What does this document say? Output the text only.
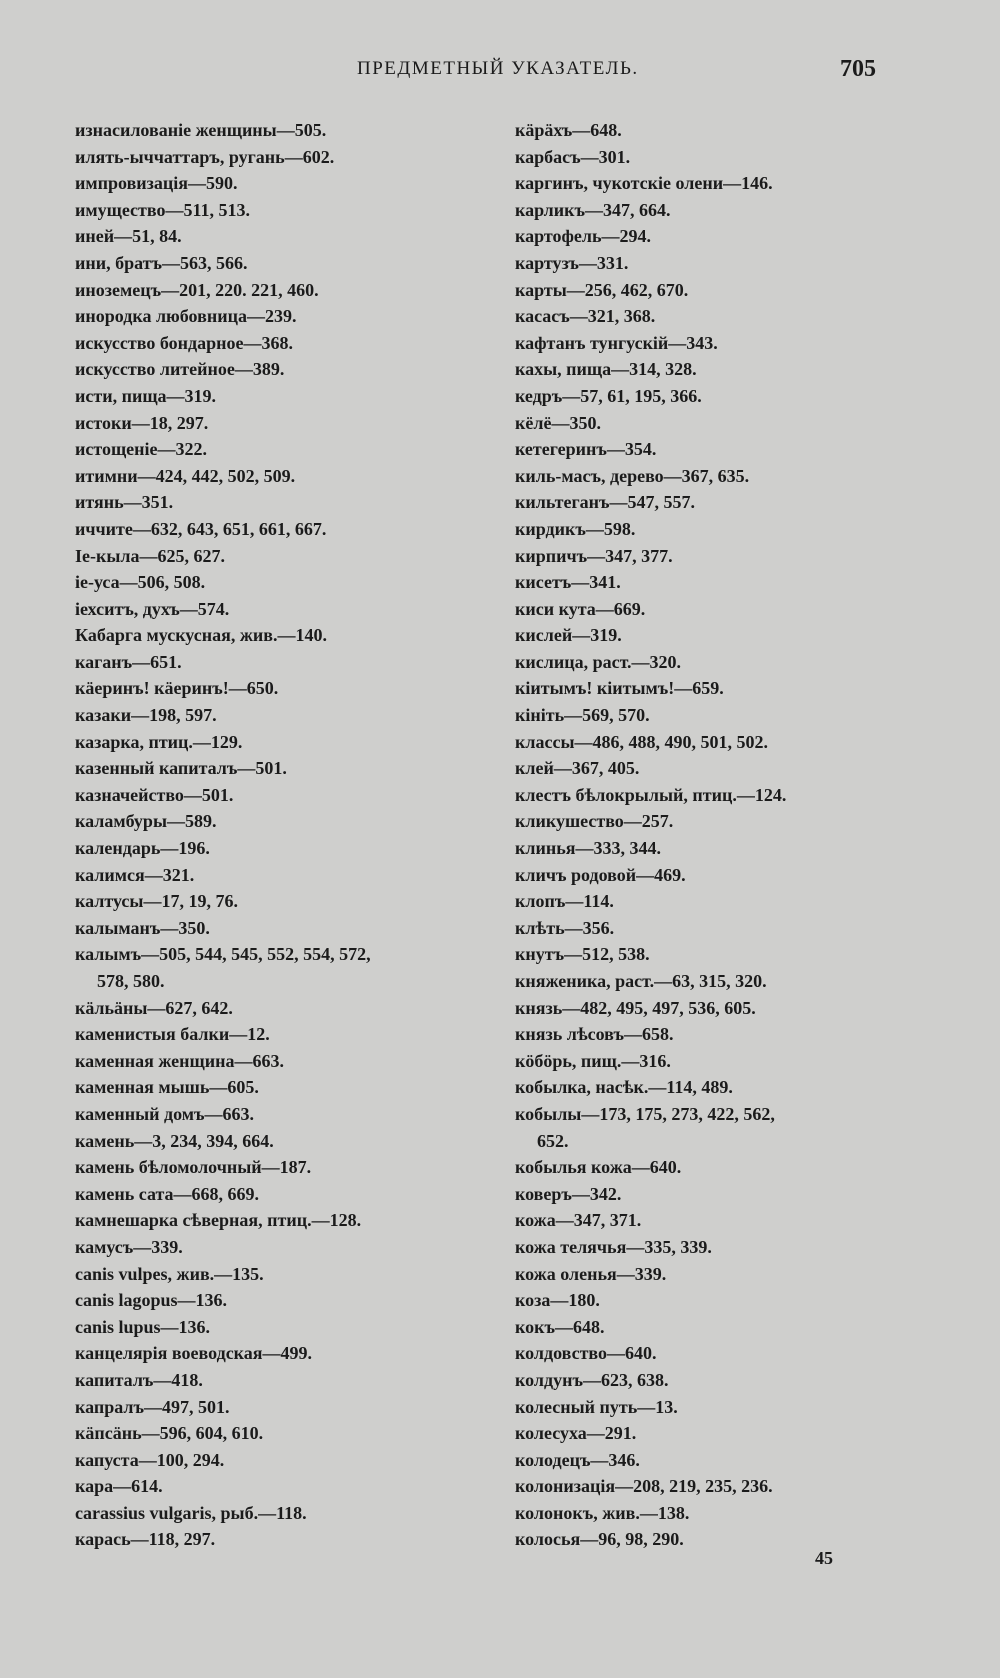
ПРЕДМЕТНЫЙ УКАЗАТЕЛЬ.	705
изнасилованіе женщины—505.
илять-ыччаттаръ, ругань—602.
импровизація—590.
имущество—511, 513.
иней—51, 84.
ини, братъ—563, 566.
иноземецъ—201, 220. 221, 460.
инородка любовница—239.
искусство бондарное—368.
искусство литейное—389.
исти, пища—319.
истоки—18, 297.
истощеніе—322.
итимни—424, 442, 502, 509.
итянь—351.
иччите—632, 643, 651, 661, 667.
Іе-кыла—625, 627.
іе-уса—506, 508.
іехситъ, духъ—574.
Кабарга мускусная, жив.—140.
каганъ—651.
кäеринъ! кäеринъ!—650.
казаки—198, 597.
казарка, птиц.—129.
казенный капиталъ—501.
казначейство—501.
каламбуры—589.
календарь—196.
калимся—321.
калтусы—17, 19, 76.
калыманъ—350.
калымъ—505, 544, 545, 552, 554, 572,
578, 580.
кäльäны—627, 642.
каменистыя балки—12.
каменная женщина—663.
каменная мышь—605.
каменный домъ—663.
камень—3, 234, 394, 664.
камень бѣломолочный—187.
камень сата—668, 669.
камнешарка сѣверная, птиц.—128.
камусъ—339.
canis vulpes, жив.—135.
canis lagopus—136.
canis lupus—136.
канцелярія воеводская—499.
капиталъ—418.
капралъ—497, 501.
кäпсäнь—596, 604, 610.
капуста—100, 294.
кара—614.
carassius vulgaris, рыб.—118.
карась—118, 297.
кäрäхъ—648.
карбасъ—301.
каргинъ, чукотскіе олени—146.
карликъ—347, 664.
картофель—294.
картузъ—331.
карты—256, 462, 670.
касасъ—321, 368.
кафтанъ тунгускій—343.
кахы, пища—314, 328.
кедръ—57, 61, 195, 366.
кёлё—350.
кетегеринъ—354.
киль-масъ, дерево—367, 635.
кильтеганъ—547, 557.
кирдикъ—598.
кирпичъ—347, 377.
кисетъ—341.
киси кута—669.
кислей—319.
кислица, раст.—320.
кіитымъ! кіитымъ!—659.
кініть—569, 570.
классы—486, 488, 490, 501, 502.
клей—367, 405.
клестъ бѣлокрылый, птиц.—124.
кликушество—257.
клинья—333, 344.
кличъ родовой—469.
клопъ—114.
клѣть—356.
кнутъ—512, 538.
княженика, раст.—63, 315, 320.
князь—482, 495, 497, 536, 605.
князь лѣсовъ—658.
кöбöрь, пищ.—316.
кобылка, насѣк.—114, 489.
кобылы—173, 175, 273, 422, 562,
652.
кобылья кожа—640.
коверъ—342.
кожа—347, 371.
кожа телячья—335, 339.
кожа оленья—339.
коза—180.
кокъ—648.
колдовство—640.
колдунъ—623, 638.
колесный путь—13.
колесуха—291.
колодецъ—346.
колонизація—208, 219, 235, 236.
колонокъ, жив.—138.
колосья—96, 98, 290.
45
